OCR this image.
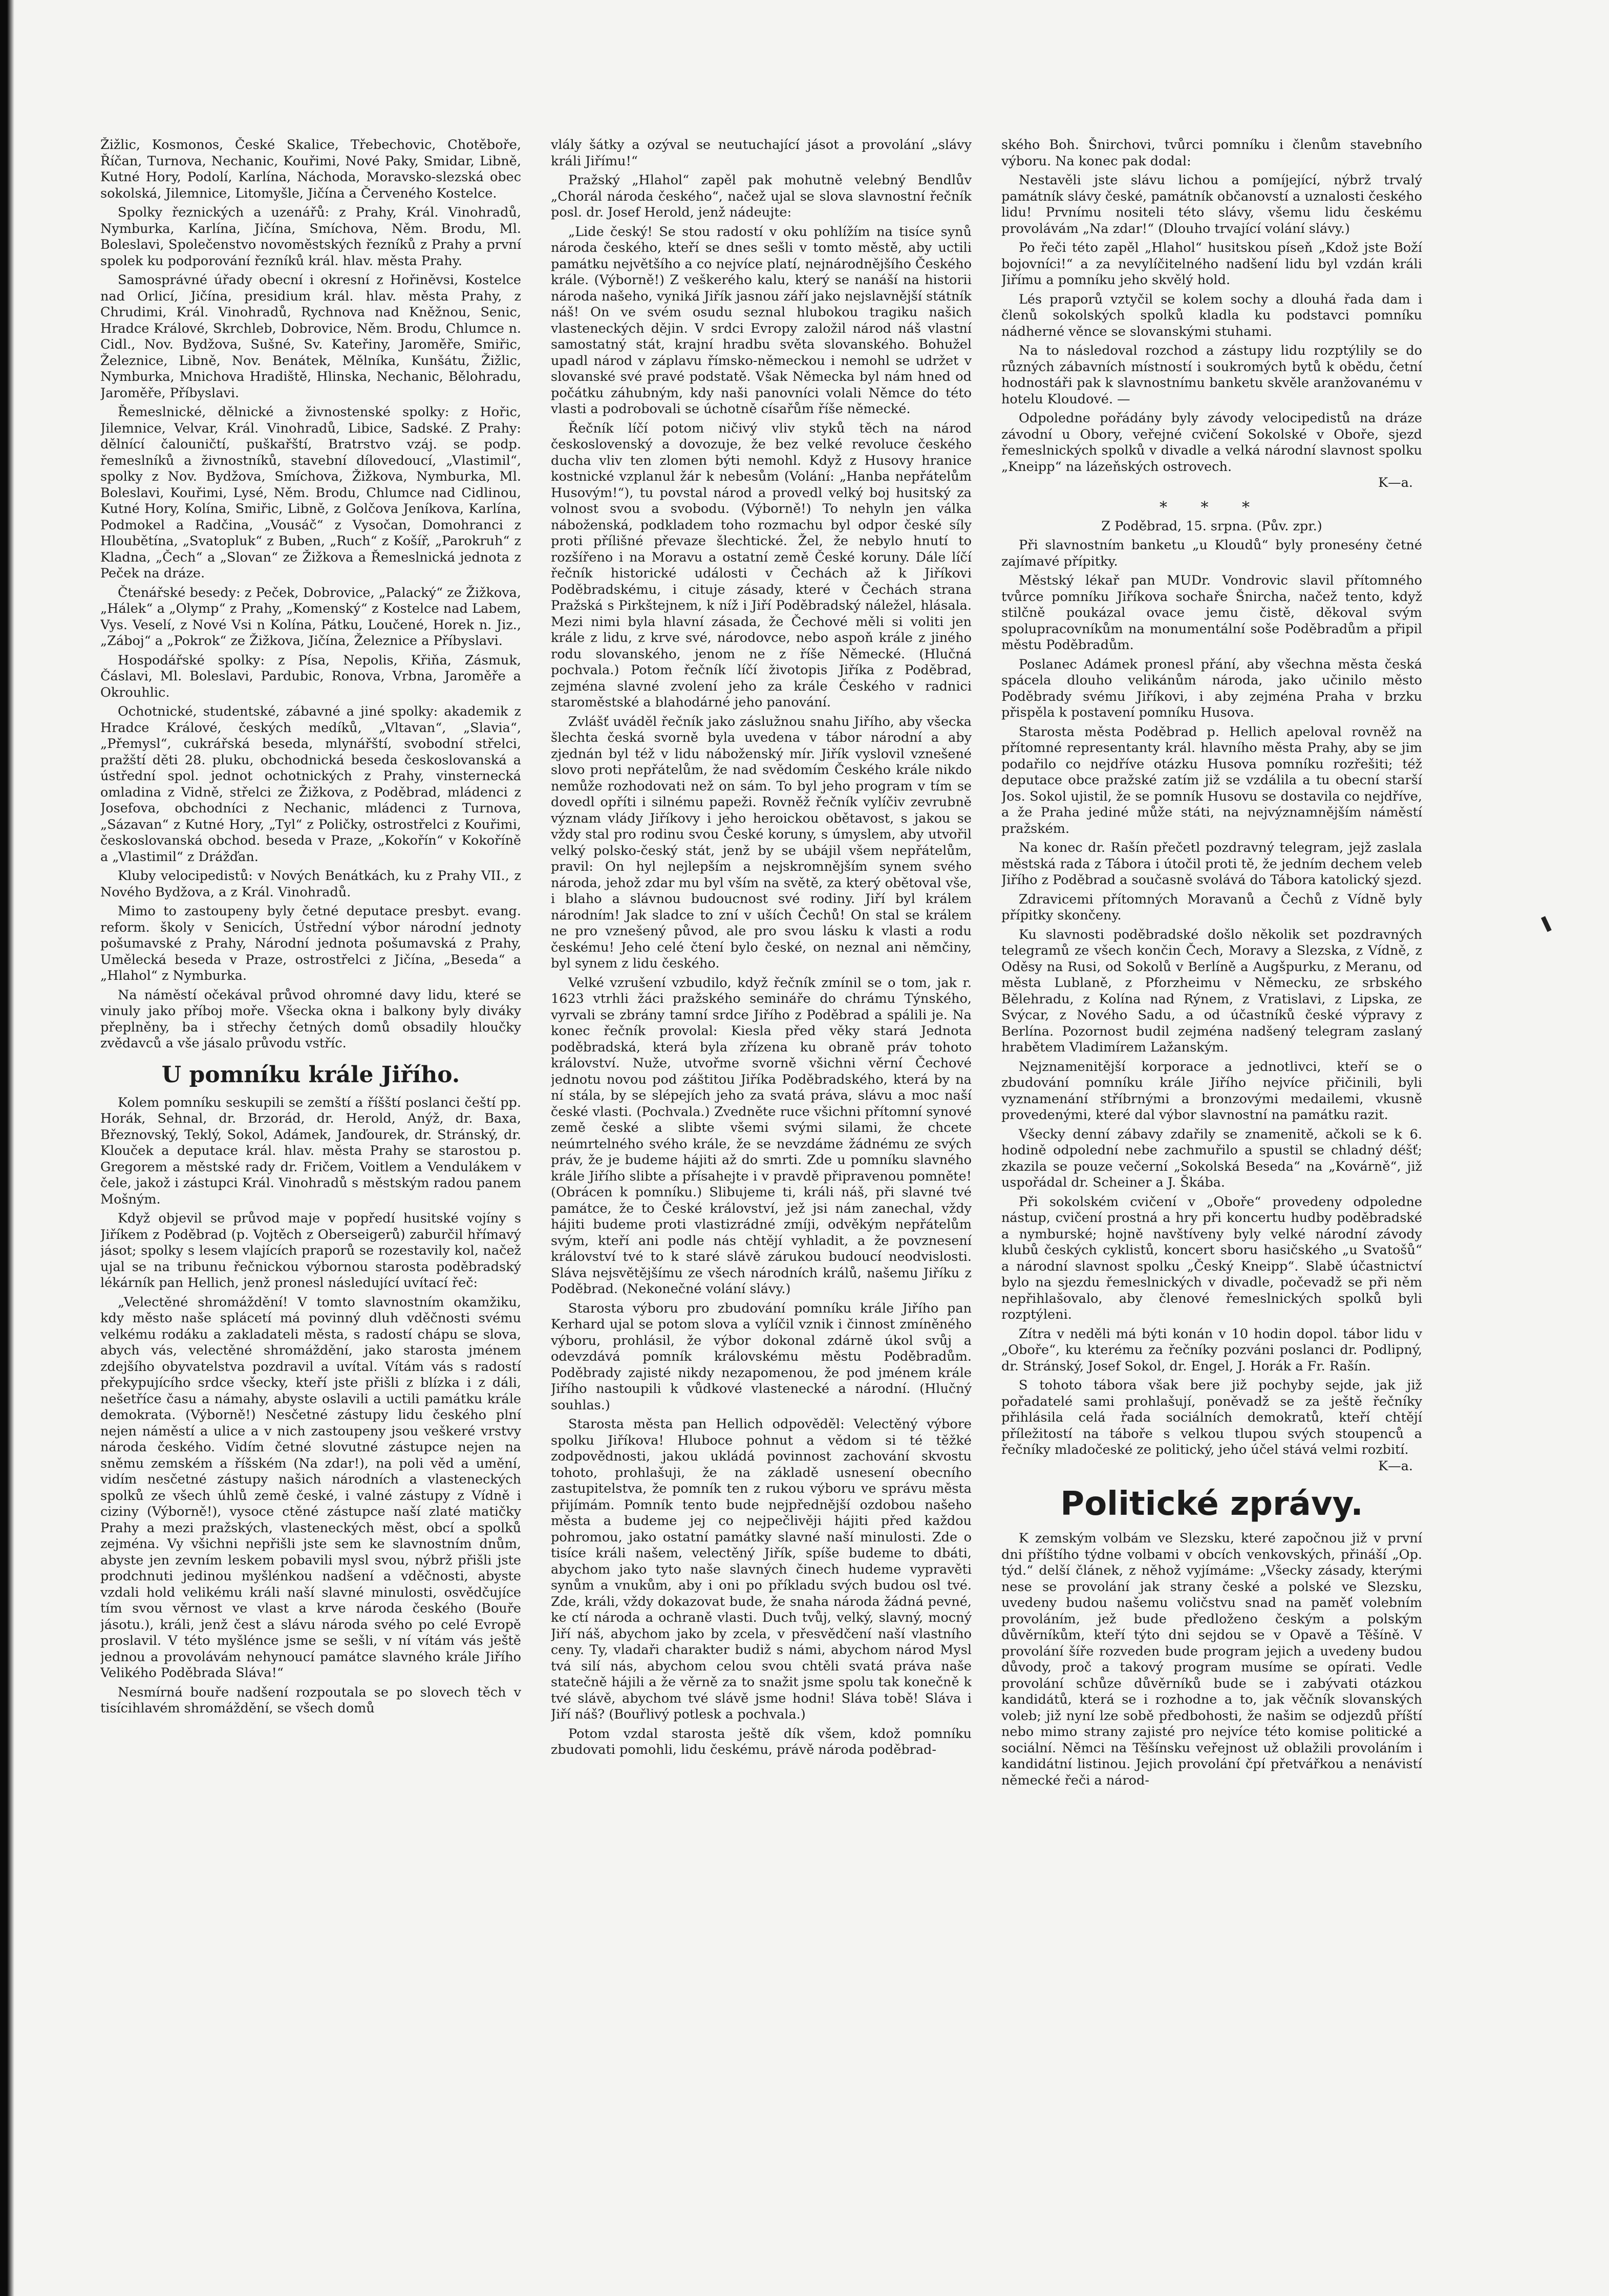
Žižlic, Kosmonos, České Skalice, Třebechovic, Chotěboře, Říčan, Turnova, Nechanic, Kouřimi, Nové Paky, Smidar, Libně, Kutné Hory, Podolí, Karlína, Náchoda, Moravsko-slezská obec sokolská, Jilemnice, Litomyšle, Jičína a Červeného Kostelce.

Spolky řeznických a uzenářů: z Prahy, Král. Vinohradů, Nymburka, Karlína, Jičína, Smíchova, Něm. Brodu, Ml. Boleslavi, Společenstvo novoměstských řezníků z Prahy a první spolek ku podporování řezníků král. hlav. města Prahy.

Samosprávné úřady obecní i okresní z Hořiněvsi, Kostelce nad Orlicí, Jičína, presidium král. hlav. města Prahy, z Chrudimi, Král. Vinohradů, Rychnova nad Kněžnou, Senic, Hradce Králové, Skrchleb, Dobrovice, Něm. Brodu, Chlumce n. Cidl., Nov. Bydžova, Sušné, Sv. Kateřiny, Jaroměře, Smiřic, Železnice, Libně, Nov. Benátek, Mělníka, Kunšátu, Žižlic, Nymburka, Mnichova Hradiště, Hlinska, Nechanic, Bělohradu, Jaroměře, Příbyslavi.

Řemeslnické, dělnické a živnostenské spolky: z Hořic, Jilemnice, Velvar, Král. Vinohradů, Libice, Sadské. Z Prahy: dělnící čalouničtí, puškařští, Bratrstvo vzáj. se podp. řemeslníků a živnostníků, stavební dílovedoucí, „Vlastimil“, spolky z Nov. Bydžova, Smíchova, Žižkova, Nymburka, Ml. Boleslavi, Kouřimi, Lysé, Něm. Brodu, Chlumce nad Cidlinou, Kutné Hory, Kolína, Smiřic, Libně, z Golčova Jeníkova, Karlína, Podmokel a Radčina, „Vousáč“ z Vysočan, Domohranci z Hloubětína, „Svatopluk“ z Buben, „Ruch“ z Košíř, „Parokruh“ z Kladna, „Čech“ a „Slovan“ ze Žižkova a Řemeslnická jednota z Peček na dráze.

Čtenářské besedy: z Peček, Dobrovice, „Palacký“ ze Žižkova, „Hálek“ a „Olymp“ z Prahy, „Komenský“ z Kostelce nad Labem, Vys. Veselí, z Nové Vsi n Kolína, Pátku, Loučené, Horek n. Jiz., „Záboj“ a „Pokrok“ ze Žižkova, Jičína, Železnice a Příbyslavi.

Hospodářské spolky: z Písa, Nepolis, Křiňa, Zásmuk, Čáslavi, Ml. Boleslavi, Pardubic, Ronova, Vrbna, Jaroměře a Okrouhlic.

Ochotnické, studentské, zábavné a jiné spolky: akademik z Hradce Králové, českých medíků, „Vltavan“, „Slavia“, „Přemysl“, cukrářská beseda, mlynářští, svobodní střelci, pražští děti 28. pluku, obchodnická beseda českoslovanská a ústřední spol. jednot ochotnických z Prahy, vinsternecká omladina z Vidně, střelci ze Žižkova, z Poděbrad, mládenci z Josefova, obchodníci z Nechanic, mládenci z Turnova, „Sázavan“ z Kutné Hory, „Tyl“ z Poličky, ostrostřelci z Kouřimi, českoslovanská obchod. beseda v Praze, „Kokořín“ v Kokoříně a „Vlastimil“ z Drážďan.

Kluby velocipedistů: v Nových Benátkách, ku z Prahy VII., z Nového Bydžova, a z Král. Vinohradů.

Mimo to zastoupeny byly četné deputace presbyt. evang. reform. školy v Senicích, Ústřední výbor národní jednoty pošumavské z Prahy, Národní jednota pošumavská z Prahy, Umělecká beseda v Praze, ostrostřelci z Jičína, „Beseda“ a „Hlahol“ z Nymburka.

Na náměstí očekával průvod ohromné davy lidu, které se vinuly jako příboj moře. Všecka okna i balkony byly diváky přeplněny, ba i střechy četných domů obsadily hloučky zvědavců a vše jásalo průvodu vstříc.

U pomníku krále Jiřího.

Kolem pomníku seskupili se zemští a říšští poslanci čeští pp. Horák, Sehnal, dr. Brzorád, dr. Herold, Anýž, dr. Baxa, Březnovský, Teklý, Sokol, Adámek, Janďourek, dr. Stránský, dr. Klouček a deputace král. hlav. města Prahy se starostou p. Gregorem a městské rady dr. Fričem, Voitlem a Vendulákem v čele, jakož i zástupci Král. Vinohradů s městským radou panem Mošným.

Když objevil se průvod maje v popředí husitské vojíny s Jiříkem z Poděbrad (p. Vojtěch z Oberseigerů) zaburčil hřímavý jásot; spolky s lesem vlajících praporů se rozestavily kol, načež ujal se na tribunu řečnickou výbornou starosta poděbradský lékárník pan Hellich, jenž pronesl následující uvítací řeč:

„Velectěné shromáždění! V tomto slavnostním okamžiku, kdy město naše splácetí má povinný dluh vděčnosti svému velkému rodáku a zakladateli města, s radostí chápu se slova, abych vás, velectěné shromáždění, jako starosta jménem zdejšího obyvatelstva pozdravil a uvítal. Vítám vás s radostí překypujícího srdce všecky, kteří jste přišli z blízka i z dáli, nešetříce času a námahy, abyste oslavili a uctili památku krále demokrata. (Výborně!) Nesčetné zástupy lidu českého plní nejen náměstí a ulice a v nich zastoupeny jsou veškeré vrstvy národa českého. Vidím četné slovutné zástupce nejen na sněmu zemském a říšském (Na zdar!), na poli věd a umění, vidím nesčetné zástupy našich národních a vlasteneckých spolků ze všech úhlů země české, i valné zástupy z Vídně i ciziny (Výborně!), vysoce ctěné zástupce naší zlaté matičky Prahy a mezi pražských, vlasteneckých měst, obcí a spolků zejména. Vy všichni nepřišli jste sem ke slavnostním dnům, abyste jen zevním leskem pobavili mysl svou, nýbrž přišli jste prodchnuti jedinou myšlénkou nadšení a vděčnosti, abyste vzdali hold velikému králi naší slavné minulosti, osvědčujíce tím svou věrnost ve vlast a krve národa českého (Bouře jásotu.), králi, jenž čest a slávu národa svého po celé Evropě proslavil. V této myšlénce jsme se sešli, v ní vítám vás ještě jednou a provolávám nehynoucí památce slavného krále Jiřího Velikého Poděbrada Sláva!“

Nesmírná bouře nadšení rozpoutala se po slovech těch v tisícihlavém shromáždění, se všech domů

vlály šátky a ozýval se neutuchající jásot a provolání „slávy králi Jiřímu!“

Pražský „Hlahol“ zapěl pak mohutně velebný Bendlův „Chorál národa českého“, načež ujal se slova slavnostní řečník posl. dr. Josef Herold, jenž nádeujte:

„Lide český! Se stou radostí v oku pohlížím na tisíce synů národa českého, kteří se dnes sešli v tomto městě, aby uctili památku největšího a co nejvíce platí, nejnárodnějšího Českého krále. (Výborně!) Z veškerého kalu, který se nanáší na historii národa našeho, vyniká Jiřík jasnou září jako nejslavnější státník náš! On ve svém osudu seznal hlubokou tragiku našich vlasteneckých dějin. V srdci Evropy založil národ náš vlastní samostatný stát, krajní hradbu světa slovanského. Bohužel upadl národ v záplavu římsko-německou i nemohl se udržet v slovanské své pravé podstatě. Však Německa byl nám hned od počátku záhubným, kdy naši panovníci volali Němce do této vlasti a podrobovali se úchotně císařům říše německé.

Řečník líčí potom ničivý vliv styků těch na národ československý a dovozuje, že bez velké revoluce českého ducha vliv ten zlomen býti nemohl. Když z Husovy hranice kostnické vzplanul žár k nebesům (Volání: „Hanba nepřátelům Husovým!“), tu povstal národ a provedl velký boj husitský za volnost svou a svobodu. (Výborně!) To nehyln jen válka náboženská, podkladem toho rozmachu byl odpor české síly proti přílišné převaze šlechtické. Žel, že nebylo hnutí to rozšířeno i na Moravu a ostatní země České koruny. Dále líčí řečník historické události v Čechách až k Jiříkovi Poděbradskému, i cituje zásady, které v Čechách strana Pražská s Pirkštejnem, k níž i Jiří Poděbradský náležel, hlásala. Mezi nimi byla hlavní zásada, že Čechové měli si voliti jen krále z lidu, z krve své, národovce, nebo aspoň krále z jiného rodu slovanského, jenom ne z říše Německé. (Hlučná pochvala.) Potom řečník líčí životopis Jiříka z Poděbrad, zejména slavné zvolení jeho za krále Českého v radnici staroměstské a blahodárné jeho panování.

Zvlášť uváděl řečník jako záslužnou snahu Jiřího, aby všecka šlechta česká svorně byla uvedena v tábor národní a aby zjednán byl též v lidu náboženský mír. Jiřík vyslovil vznešené slovo proti nepřátelům, že nad svědomím Českého krále nikdo nemůže rozhodovati než on sám. To byl jeho program v tím se dovedl opříti i silnému papeži. Rovněž řečník vylíčiv zevrubně význam vlády Jiříkovy i jeho heroickou obětavost, s jakou se vždy stal pro rodinu svou České koruny, s úmyslem, aby utvořil velký polsko-český stát, jenž by se ubájil všem nepřátelům, pravil: On hyl nejlepším a nejskromnějším synem svého národa, jehož zdar mu byl vším na světě, za který obětoval vše, i blaho a slávnou budoucnost své rodiny. Jiří byl králem národním! Jak sladce to zní v uších Čechů! On stal se králem ne pro vznešený původ, ale pro svou lásku k vlasti a rodu českému! Jeho celé čtení bylo české, on neznal ani němčiny, byl synem z lidu českého.

Velké vzrušení vzbudilo, když řečník zmínil se o tom, jak r. 1623 vtrhli žáci pražského semináře do chrámu Týnského, vyrvali se zbrány tamní srdce Jiřího z Poděbrad a spálili je. Na konec řečník provolal: Kiesla před věky stará Jednota poděbradská, která byla zřízena ku obraně práv tohoto království. Nuže, utvořme svorně všichni věrní Čechové jednotu novou pod záštitou Jiříka Poděbradského, která by na ní stála, by se slépejích jeho za svatá práva, slávu a moc naší české vlasti. (Pochvala.) Zvedněte ruce všichni přítomní synové země české a slibte všemi svými silami, že chcete neúmrtelného svého krále, že se nevzdáme žádnému ze svých práv, že je budeme hájiti až do smrti. Zde u pomníku slavného krále Jiřího slibte a přísahejte i v pravdě připravenou pomněte! (Obrácen k pomníku.) Slibujeme ti, králi náš, při slavné tvé památce, že to České království, jež jsi nám zanechal, vždy hájiti budeme proti vlastizrádné zmíji, odvěkým nepřátelům svým, kteří ani podle nás chtějí vyhladit, a že povznesení království tvé to k staré slávě zárukou budoucí neodvislosti. Sláva nejsvětějšímu ze všech národních králů, našemu Jiříku z Poděbrad. (Nekonečné volání slávy.)

Starosta výboru pro zbudování pomníku krále Jiřího pan Kerhard ujal se potom slova a vylíčil vznik i činnost zmíněného výboru, prohlásil, že výbor dokonal zdárně úkol svůj a odevzdává pomník královskému městu Poděbradům. Poděbrady zajisté nikdy nezapomenou, že pod jménem krále Jiřího nastoupili k vůdkové vlastenecké a národní. (Hlučný souhlas.)

Starosta města pan Hellich odpověděl: Velectěný výbore spolku Jiříkova! Hluboce pohnut a vědom si té těžké zodpovědnosti, jakou ukládá povinnost zachování skvostu tohoto, prohlašuji, že na základě usnesení obecního zastupitelstva, že pomník ten z rukou výboru ve správu města přijímám. Pomník tento bude nejpřednější ozdobou našeho města a budeme jej co nejpečlivěji hájiti před každou pohromou, jako ostatní památky slavné naší minulosti. Zde o tisíce králi našem, velectěný Jiřík, spíše budeme to dbáti, abychom jako tyto naše slavných činech hudeme vypravěti synům a vnukům, aby i oni po příkladu svých budou osl tvé. Zde, králi, vždy dokazovat bude, že snaha národa žádná pevné, ke ctí národa a ochraně vlasti. Duch tvůj, velký, slavný, mocný Jiří náš, abychom jako by zcela, v přesvědčení naší vlastního ceny. Ty, vladaři charakter budiž s námi, abychom národ Mysl tvá silí nás, abychom celou svou chtěli svatá práva naše statečně hájili a že věrně za to snažit jsme spolu tak konečně k tvé slávě, abychom tvé slávě jsme hodni! Sláva tobě! Sláva i Jiří náš? (Bouřlivý potlesk a pochvala.)

Potom vzdal starosta ještě dík všem, kdož pomníku zbudovati pomohli, lidu českému, právě národa poděbrad-

ského Boh. Šnirchovi, tvůrci pomníku i členům stavebního výboru. Na konec pak dodal:

Nestavěli jste slávu lichou a pomíjející, nýbrž trvalý památník slávy české, památník občanovstí a uznalosti českého lidu! Prvnímu nositeli této slávy, všemu lidu českému provolávám „Na zdar!“ (Dlouho trvající volání slávy.)

Po řeči této zapěl „Hlahol“ husitskou píseň „Kdož jste Boží bojovníci!“ a za nevylíčitelného nadšení lidu byl vzdán králi Jiřímu a pomníku jeho skvělý hold.

Lés praporů vztyčil se kolem sochy a dlouhá řada dam i členů sokolských spolků kladla ku podstavci pomníku nádherné věnce se slovanskými stuhami.

Na to následoval rozchod a zástupy lidu rozptýlily se do různých zábavních místností i soukromých bytů k obědu, četní hodnostáři pak k slavnostnímu banketu skvěle aranžovanému v hotelu Kloudové. —

Odpoledne pořádány byly závody velocipedistů na dráze závodní u Obory, veřejné cvičení Sokolské v Oboře, sjezd řemeslnických spolků v divadle a velká národní slavnost spolku „Kneipp“ na lázeňských ostrovech.

K—a.
* * *
Z Poděbrad, 15. srpna. (Pův. zpr.)

Při slavnostním banketu „u Kloudů“ byly pronesény četné zajímavé přípitky.

Městský lékař pan MUDr. Vondrovic slavil přítomného tvůrce pomníku Jiříkova sochaře Šnircha, načež tento, když stilčně poukázal ovace jemu čistě, děkoval svým spolupracovníkům na monumentální soše Poděbradům a připil městu Poděbradům.

Poslanec Adámek pronesl přání, aby všechna města česká spácela dlouho velikánům národa, jako učinilo město Poděbrady svému Jiříkovi, i aby zejména Praha v brzku přispěla k postavení pomníku Husova.

Starosta města Poděbrad p. Hellich apeloval rovněž na přítomné representanty král. hlavního města Prahy, aby se jim podařilo co nejdříve otázku Husova pomníku rozřešiti; též deputace obce pražské zatím již se vzdálila a tu obecní starší Jos. Sokol ujistil, že se pomník Husovu se dostavila co nejdříve, a že Praha jediné může státi, na nejvýznamnějším náměstí pražském.

Na konec dr. Rašín přečetl pozdravný telegram, jejž zaslala městská rada z Tábora i útočil proti tě, že jedním dechem veleb Jiřího z Poděbrad a současně svolává do Tábora katolický sjezd.

Zdravicemi přítomných Moravanů a Čechů z Vídně byly přípitky skončeny.

Ku slavnosti poděbradské došlo několik set pozdravných telegramů ze všech končin Čech, Moravy a Slezska, z Vídně, z Oděsy na Rusi, od Sokolů v Berlíně a Augšpurku, z Meranu, od města Lublaně, z Pforzheimu v Německu, ze srbského Bělehradu, z Kolína nad Rýnem, z Vratislavi, z Lipska, ze Svýcar, z Nového Sadu, a od účastníků české výpravy z Berlína. Pozornost budil zejména nadšený telegram zaslaný hrabětem Vladimírem Lažanským.

Nejznamenitější korporace a jednotlivci, kteří se o zbudování pomníku krále Jiřího nejvíce přičinili, byli vyznamenání stříbrnými a bronzovými medailemi, vkusně provedenými, které dal výbor slavnostní na památku razit.

Všecky denní zábavy zdařily se znamenitě, ačkoli se k 6. hodině odpolední nebe zachmuřilo a spustil se chladný déšť; zkazila se pouze večerní „Sokolská Beseda“ na „Kovárně“, již uspořádal dr. Scheiner a J. Škába.

Při sokolském cvičení v „Oboře“ provedeny odpoledne nástup, cvičení prostná a hry při koncertu hudby poděbradské a nymburské; hojně navštíveny byly velké národní závody klubů českých cyklistů, koncert sboru hasičského „u Svatošů“ a národní slavnost spolku „Český Kneipp“. Slabě účastnictví bylo na sjezdu řemeslnických v divadle, počevadž se při něm nepřihlašovalo, aby členové řemeslnických spolků byli rozptýleni.

Zítra v neděli má býti konán v 10 hodin dopol. tábor lidu v „Oboře“, ku kterému za řečníky pozváni poslanci dr. Podlipný, dr. Stránský, Josef Sokol, dr. Engel, J. Horák a Fr. Rašín.

S tohoto tábora však bere již pochyby sejde, jak již pořadatelé sami prohlašují, poněvadž se za ještě řečníky přihlásila celá řada sociálních demokratů, kteří chtějí příležitostí na táboře s velkou tlupou svých stoupenců a řečníky mladočeské ze politický, jeho účel stává velmi rozbití.

K—a.
Politické zprávy.

K zemským volbám ve Slezsku, které započnou již v první dni příštího týdne volbami v obcích venkovských, přináší „Op. týd.“ delší článek, z něhož vyjímáme: „Všecky zásady, kterými nese se provolání jak strany české a polské ve Slezsku, uvedeny budou našemu voličstvu snad na paměť volebním provoláním, jež bude předloženo českým a polským důvěrníkům, kteří týto dni sejdou se v Opavě a Těšíně. V provolání šíře rozveden bude program jejich a uvedeny budou důvody, proč a takový program musíme se opírati. Vedle provolání schůze důvěrníků bude se i zabývati otázkou kandidátů, která se i rozhodne a to, jak věčník slovanských voleb; již nyní lze sobě předbohosti, že našim se odjezdů příští nebo mimo strany zajisté pro nejvíce této komise politické a sociální. Němci na Těšínsku veřejnost už oblažili provoláním i kandidátní listinou. Jejich provolání čpí přetvářkou a nenávistí německé řeči a národ-
